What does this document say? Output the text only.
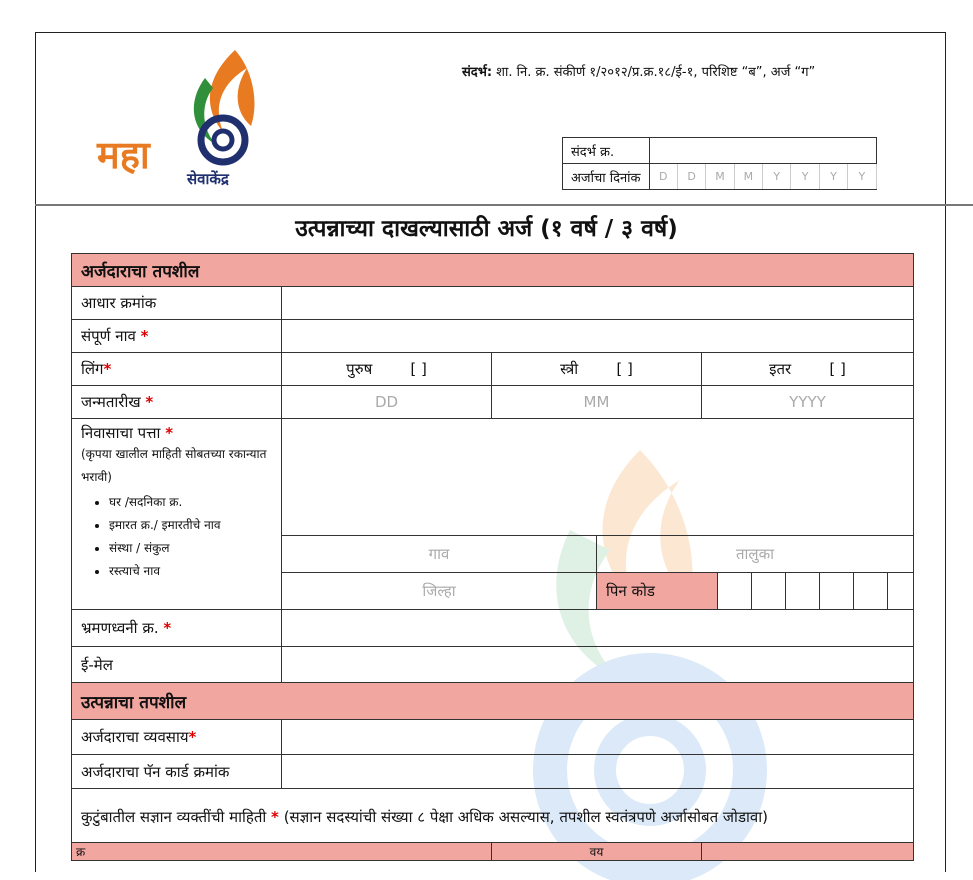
महा
सेवाकेंद्र
संदर्भ: शा. नि. क्र. संकीर्ण १/२०१२/प्र.क्र.१८/ई-१, परिशिष्ट “ब”, अर्ज “ग”
संदर्भ क्र.								
अर्जाचा दिनांक	D	D	M	M	Y	Y	Y	Y
उत्पन्नाच्या दाखल्यासाठी अर्ज (१ वर्ष / ३ वर्ष)
अर्जदाराचा तपशील
आधार क्रमांक	
संपूर्ण नाव *	
लिंग*	पुरुष	[ ]	स्त्री	[ ]	इतर	[ ]
जन्मतारीख *	DD	MM	YYYY
निवासाचा पत्ता *
(कृपया खालील माहिती सोबतच्या रकान्यात भरावी)
• घर /सदनिका क्र.
• इमारत क्र./ इमारतीचे नाव
• संस्था / संकुल
• रस्त्याचे नाव

गाव	तालुका
जिल्हा		पिन कोड						

भ्रमणध्वनी क्र. *	
ई-मेल	
उत्पन्नाचा तपशील
अर्जदाराचा व्यवसाय*	
अर्जदाराचा पॅन कार्ड क्रमांक	
कुटुंबातील सज्ञान व्यक्तींची माहिती * (सज्ञान सदस्यांची संख्या ८ पेक्षा अधिक असल्यास, तपशील स्वतंत्रपणे अर्जासोबत जोडावा)
क्र	वय	
